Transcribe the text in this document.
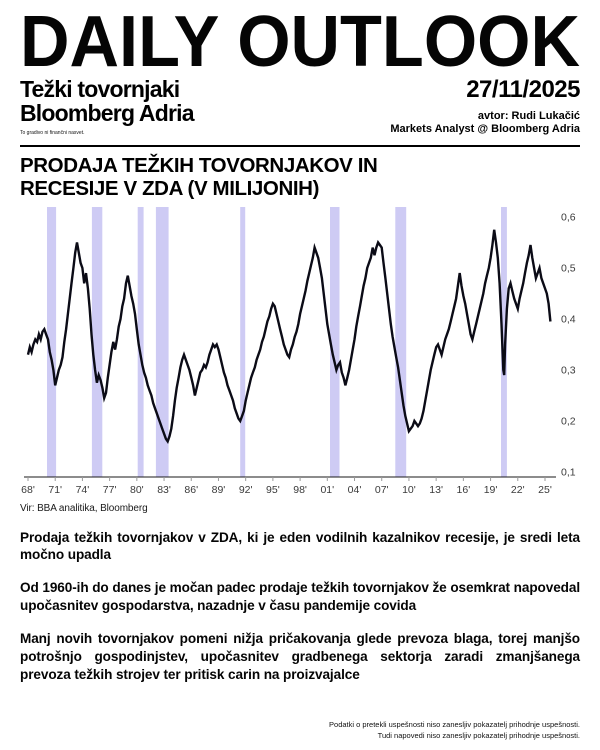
DAILY OUTLOOK
Težki tovornjaki
Bloomberg Adria
To gradivo ni finančni nasvet.
27/11/2025
avtor: Rudi Lukačić
Markets Analyst @ Bloomberg Adria
PRODAJA TEŽKIH TOVORNJAKOV IN
RECESIJE V ZDA (V MILIJONIH)
68' 71' 74' 77' 80' 83' 86' 89' 92' 95' 98' 01' 04' 07' 10' 13' 16' 19' 22' 25'
0,6
0,5
0,4
0,3
0,2
0,1
Vir: BBA analitika, Bloomberg

Prodaja težkih tovornjakov v ZDA, ki je eden vodilnih kazalnikov recesije, je sredi leta močno upadla

Od 1960-ih do danes je močan padec prodaje težkih tovornjakov že osemkrat napovedal upočasnitev gospodarstva, nazadnje v času pandemije covida

Manj novih tovornjakov pomeni nižja pričakovanja glede prevoza blaga, torej manjšo potrošnjo gospodinjstev, upočasnitev gradbenega sektorja zaradi zmanjšanega prevoza težkih strojev ter pritisk carin na proizvajalce

Podatki o pretekli uspešnosti niso zanesljiv pokazatelj prihodnje uspešnosti.
Tudi napovedi niso zanesljiv pokazatelj prihodnje uspešnosti.
